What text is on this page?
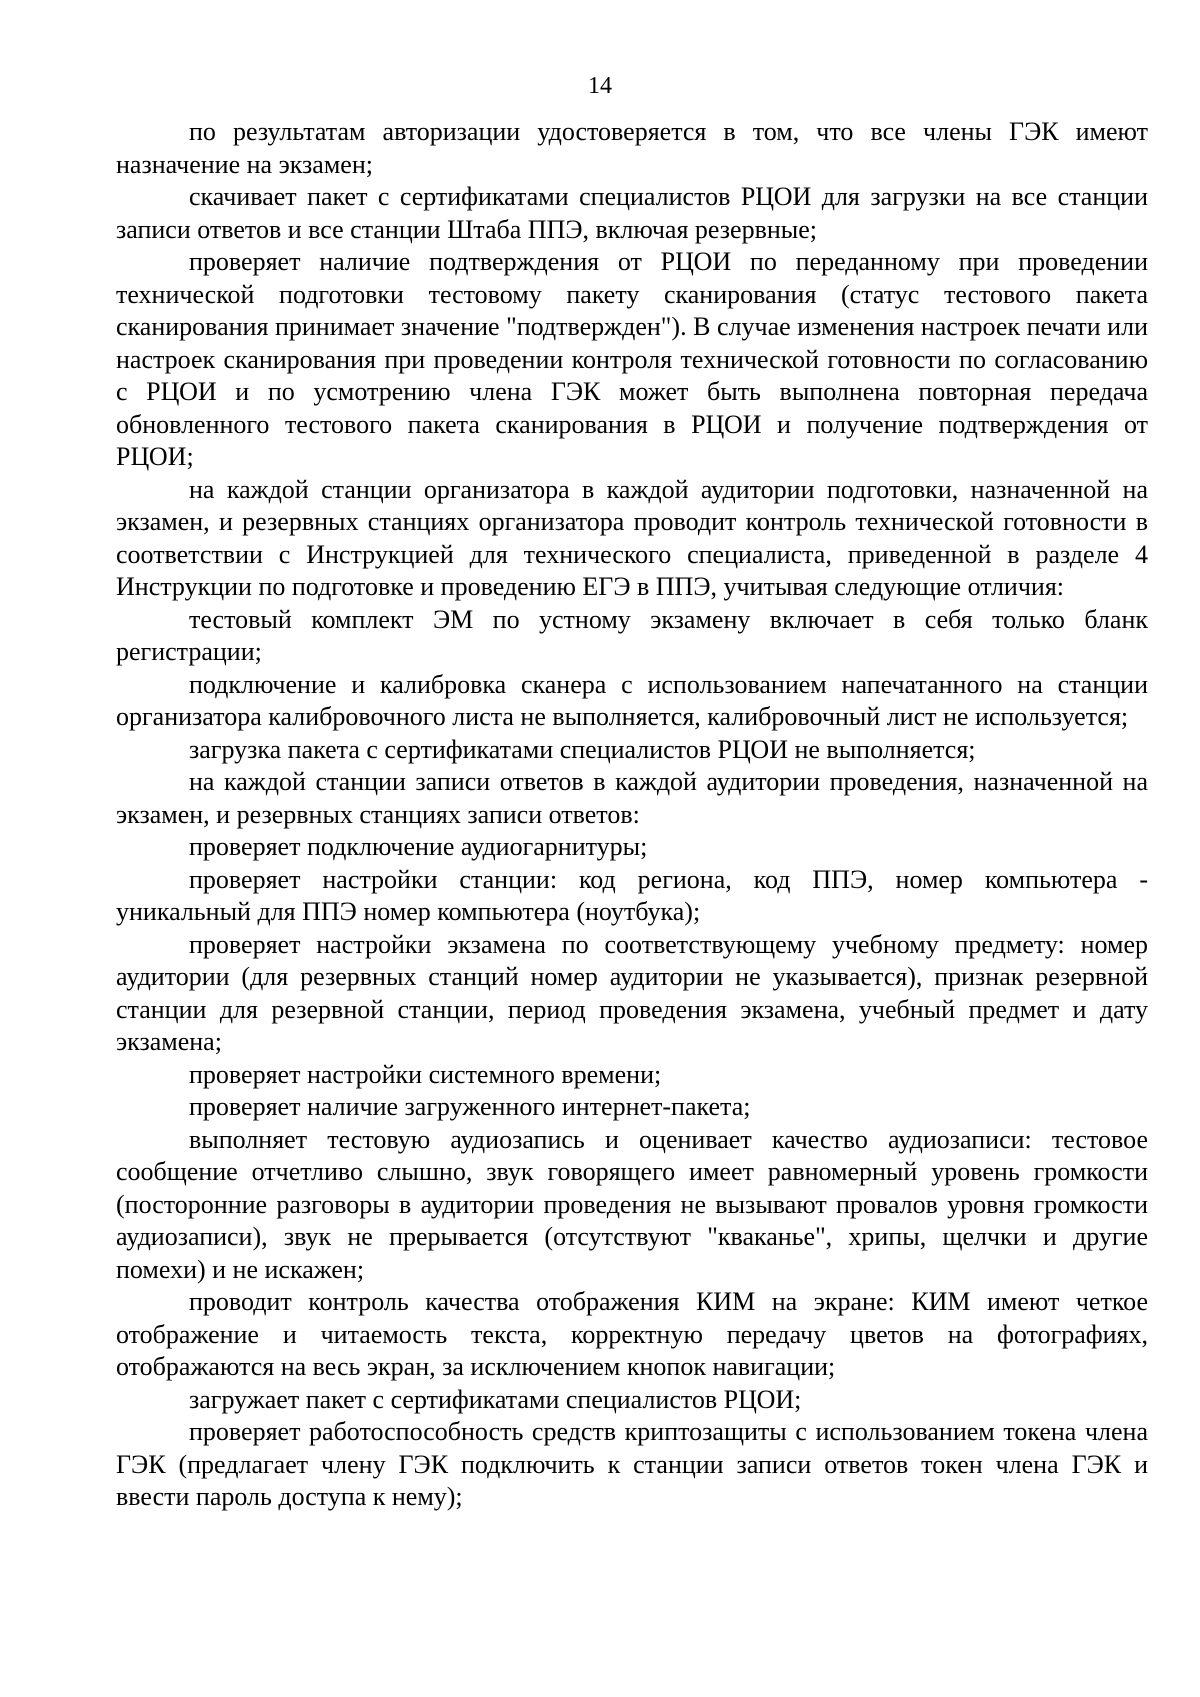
14

по результатам авторизации удостоверяется в том, что все члены ГЭК имеют назначение на экзамен;

скачивает пакет с сертификатами специалистов РЦОИ для загрузки на все станции записи ответов и все станции Штаба ППЭ, включая резервные;

проверяет наличие подтверждения от РЦОИ по переданному при проведении технической подготовки тестовому пакету сканирования (статус тестового пакета сканирования принимает значение "подтвержден"). В случае изменения настроек печати или настроек сканирования при проведении контроля технической готовности по согласованию с РЦОИ и по усмотрению члена ГЭК может быть выполнена повторная передача обновленного тестового пакета сканирования в РЦОИ и получение подтверждения от РЦОИ;

на каждой станции организатора в каждой аудитории подготовки, назначенной на экзамен, и резервных станциях организатора проводит контроль технической готовности в соответствии с Инструкцией для технического специалиста, приведенной в разделе 4 Инструкции по подготовке и проведению ЕГЭ в ППЭ, учитывая следующие отличия:

тестовый комплект ЭМ по устному экзамену включает в себя только бланк регистрации;

подключение и калибровка сканера с использованием напечатанного на станции организатора калибровочного листа не выполняется, калибровочный лист не используется;

загрузка пакета с сертификатами специалистов РЦОИ не выполняется;

на каждой станции записи ответов в каждой аудитории проведения, назначенной на экзамен, и резервных станциях записи ответов:

проверяет подключение аудиогарнитуры;

проверяет настройки станции: код региона, код ППЭ, номер компьютера - уникальный для ППЭ номер компьютера (ноутбука);

проверяет настройки экзамена по соответствующему учебному предмету: номер аудитории (для резервных станций номер аудитории не указывается), признак резервной станции для резервной станции, период проведения экзамена, учебный предмет и дату экзамена;

проверяет настройки системного времени;

проверяет наличие загруженного интернет-пакета;

выполняет тестовую аудиозапись и оценивает качество аудиозаписи: тестовое сообщение отчетливо слышно, звук говорящего имеет равномерный уровень громкости (посторонние разговоры в аудитории проведения не вызывают провалов уровня громкости аудиозаписи), звук не прерывается (отсутствуют "кваканье", хрипы, щелчки и другие помехи) и не искажен;

проводит контроль качества отображения КИМ на экране: КИМ имеют четкое отображение и читаемость текста, корректную передачу цветов на фотографиях, отображаются на весь экран, за исключением кнопок навигации;

загружает пакет с сертификатами специалистов РЦОИ;

проверяет работоспособность средств криптозащиты с использованием токена члена ГЭК (предлагает члену ГЭК подключить к станции записи ответов токен члена ГЭК и ввести пароль доступа к нему);
